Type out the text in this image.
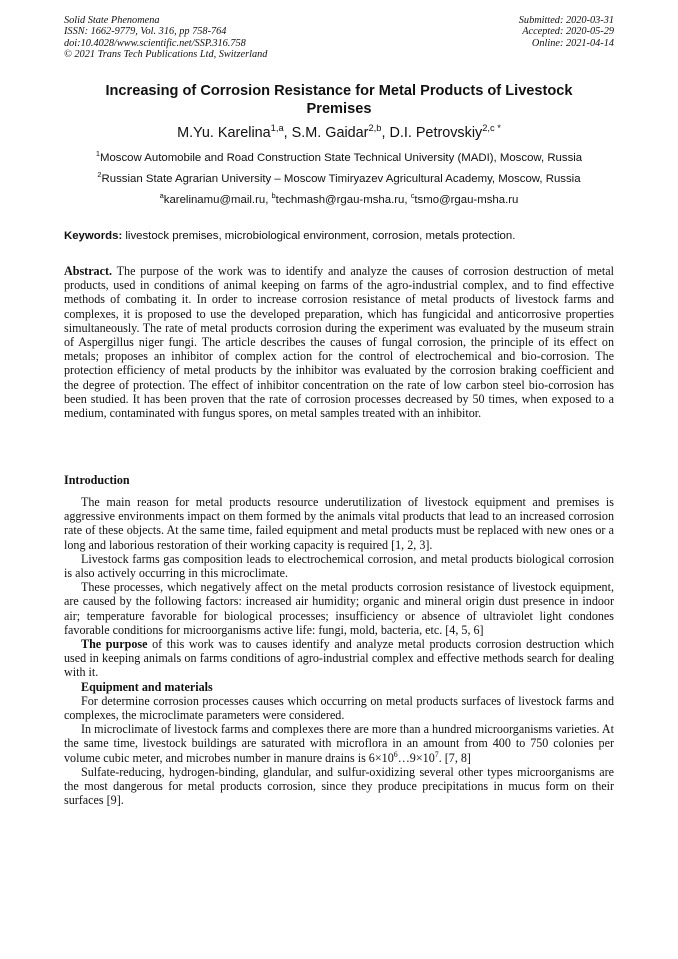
Solid State Phenomena
ISSN: 1662-9779, Vol. 316, pp 758-764
doi:10.4028/www.scientific.net/SSP.316.758
© 2021 Trans Tech Publications Ltd, Switzerland
Submitted: 2020-03-31
Accepted: 2020-05-29
Online: 2021-04-14
Increasing of Corrosion Resistance for Metal Products of Livestock
Premises
M.Yu. Karelina$^{1,a}$, S.M. Gaidar$^{2,b}$, D.I. Petrovskiy$^{2,c *}$
$^1$Moscow Automobile and Road Construction State Technical University (MADI), Moscow, Russia
$^2$Russian State Agrarian University – Moscow Timiryazev Agricultural Academy, Moscow, Russia
$^a$karelinamu@mail.ru, $^b$techmash@rgau-msha.ru, $^c$tsmo@rgau-msha.ru
Keywords: livestock premises, microbiological environment, corrosion, metals protection.
Abstract. The purpose of the work was to identify and analyze the causes of corrosion destruction of metal products, used in conditions of animal keeping on farms of the agro-industrial complex, and to find effective methods of combating it. In order to increase corrosion resistance of metal products of livestock farms and complexes, it is proposed to use the developed preparation, which has fungicidal and anticorrosive properties simultaneously. The rate of metal products corrosion during the experiment was evaluated by the museum strain of Aspergillus niger fungi. The article describes the causes of fungal corrosion, the principle of its effect on metals; proposes an inhibitor of complex action for the control of electrochemical and bio-corrosion. The protection efficiency of metal products by the inhibitor was evaluated by the corrosion braking coefficient and the degree of protection. The effect of inhibitor concentration on the rate of low carbon steel bio-corrosion has been studied. It has been proven that the rate of corrosion processes decreased by 50 times, when exposed to a medium, contaminated with fungus spores, on metal samples treated with an inhibitor.
Introduction

The main reason for metal products resource underutilization of livestock equipment and premises is aggressive environments impact on them formed by the animals vital products that lead to an increased corrosion rate of these objects. At the same time, failed equipment and metal products must be replaced with new ones or a long and laborious restoration of their working capacity is required [1, 2, 3].

Livestock farms gas composition leads to electrochemical corrosion, and metal products biological corrosion is also actively occurring in this microclimate.

These processes, which negatively affect on the metal products corrosion resistance of livestock equipment, are caused by the following factors: increased air humidity; organic and mineral origin dust presence in indoor air; temperature favorable for biological processes; insufficiency or absence of ultraviolet light condones favorable conditions for microorganisms active life: fungi, mold, bacteria, etc. [4, 5, 6]

The purpose of this work was to causes identify and analyze metal products corrosion destruction which used in keeping animals on farms conditions of agro-industrial complex and effective methods search for dealing with it.

Equipment and materials

For determine corrosion processes causes which occurring on metal products surfaces of livestock farms and complexes, the microclimate parameters were considered.

In microclimate of livestock farms and complexes there are more than a hundred microorganisms varieties. At the same time, livestock buildings are saturated with microflora in an amount from 400 to 750 colonies per volume cubic meter, and microbes number in manure drains is $6\times 10^6\dots 9\times 10^7$. [7, 8]

Sulfate-reducing, hydrogen-binding, glandular, and sulfur-oxidizing several other types microorganisms are the most dangerous for metal products corrosion, since they produce precipitations in mucus form on their surfaces [9].
